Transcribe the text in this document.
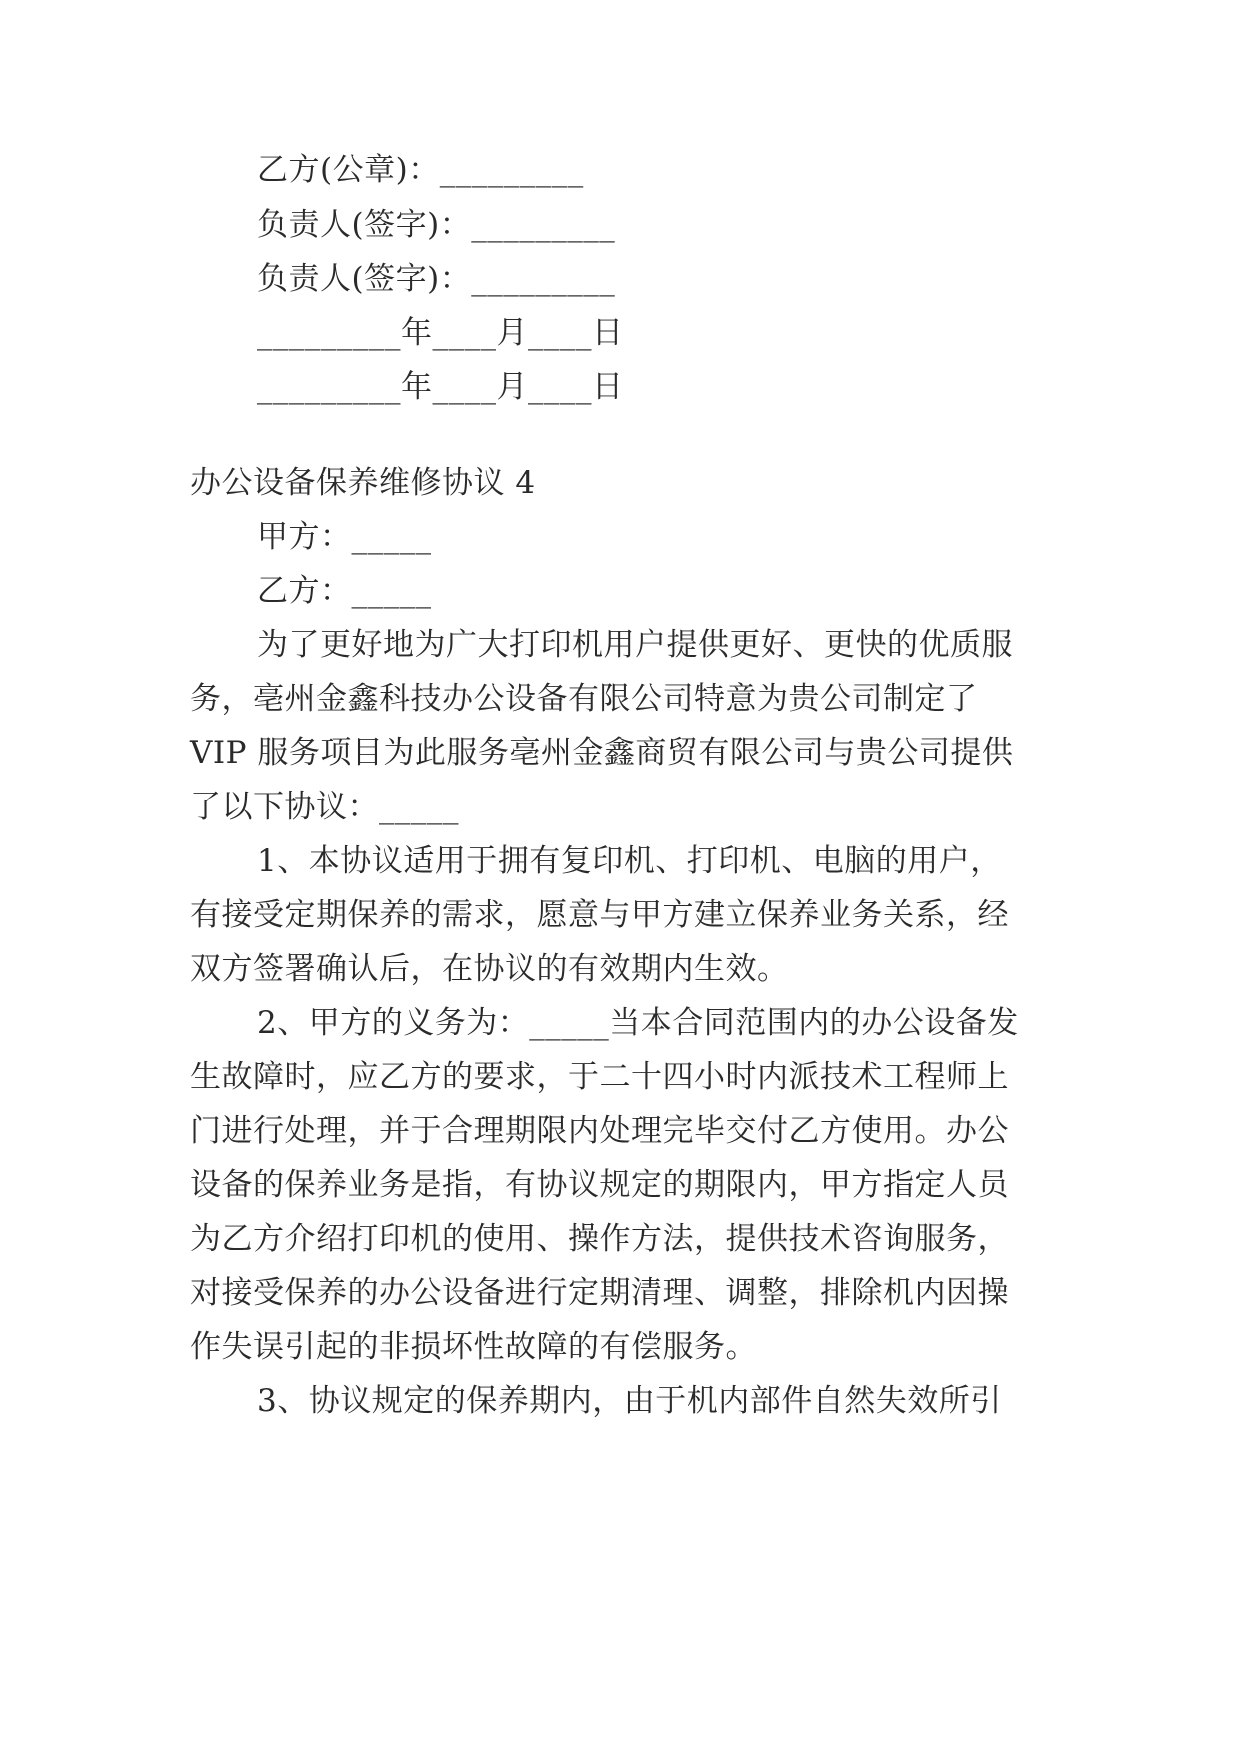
乙方(公章)：_________
负责人(签字)：_________
负责人(签字)：_________
_________年____月____日
_________年____月____日
办公设备保养维修协议 4
甲方：_____
乙方：_____
为了更好地为广大打印机用户提供更好、更快的优质服
务，亳州金鑫科技办公设备有限公司特意为贵公司制定了
VIP 服务项目为此服务亳州金鑫商贸有限公司与贵公司提供
了以下协议：_____
1、本协议适用于拥有复印机、打印机、电脑的用户，
有接受定期保养的需求，愿意与甲方建立保养业务关系，经
双方签署确认后，在协议的有效期内生效。
2、甲方的义务为：_____当本合同范围内的办公设备发
生故障时，应乙方的要求，于二十四小时内派技术工程师上
门进行处理，并于合理期限内处理完毕交付乙方使用。办公
设备的保养业务是指，有协议规定的期限内，甲方指定人员
为乙方介绍打印机的使用、操作方法，提供技术咨询服务，
对接受保养的办公设备进行定期清理、调整，排除机内因操
作失误引起的非损坏性故障的有偿服务。
3、协议规定的保养期内，由于机内部件自然失效所引
